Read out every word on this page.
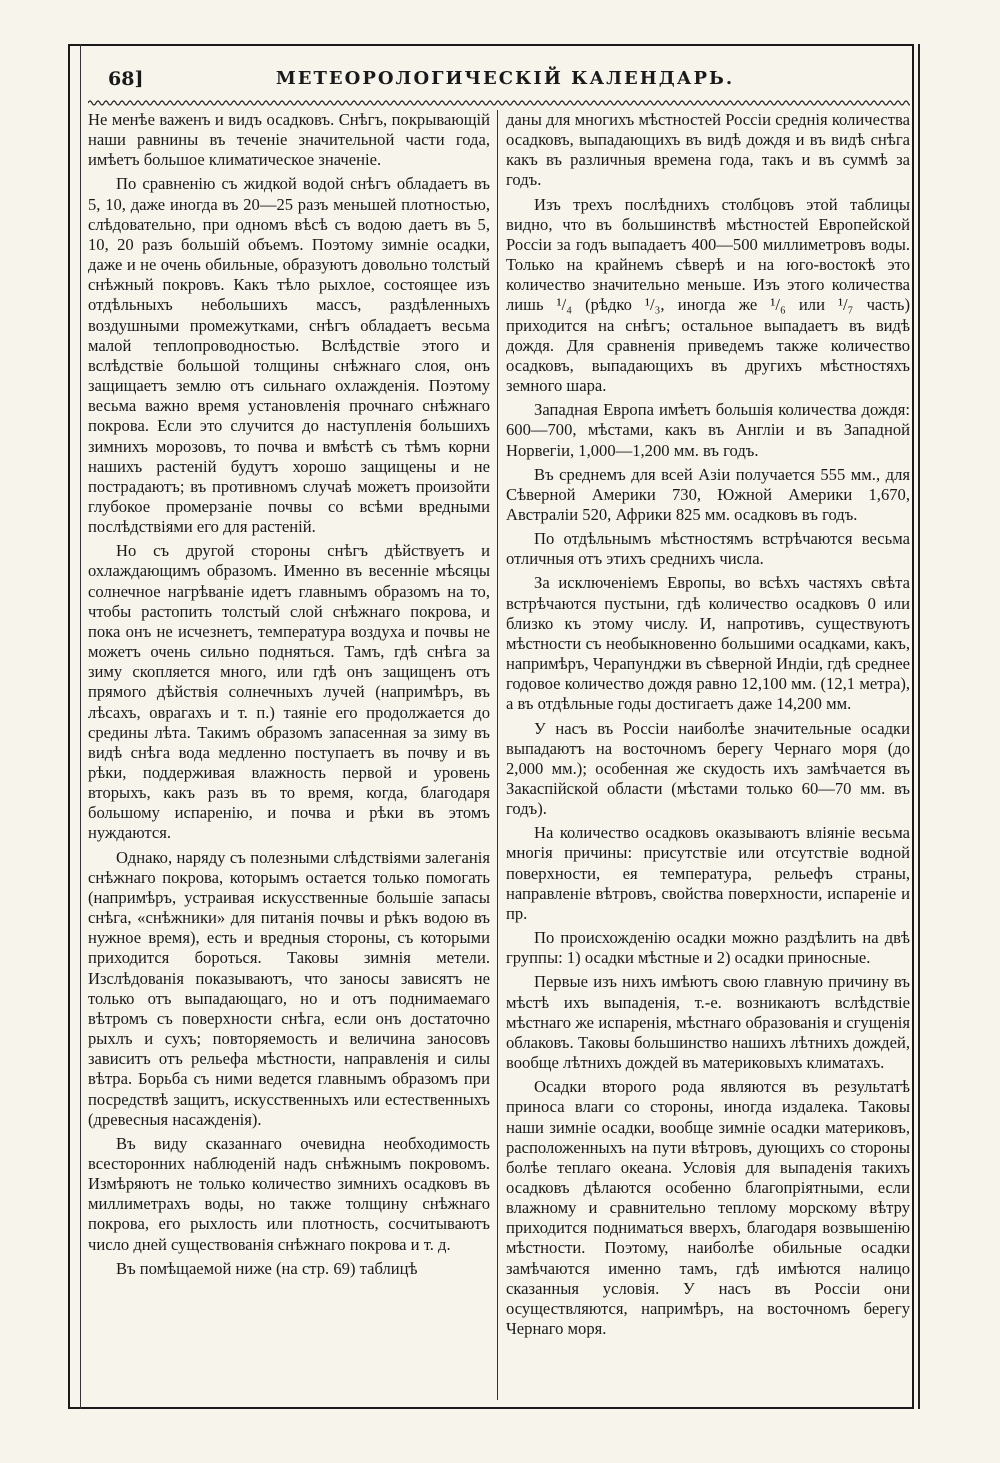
68]	МЕТЕОРОЛОГИЧЕСКІЙ КАЛЕНДАРЬ.

Не менѣе важенъ и видъ осадковъ. Снѣгъ, покрывающій наши равнины въ теченіе значительной части года, имѣетъ большое климатическое значеніе.

По сравненію съ жидкой водой снѣгъ обладаетъ въ 5, 10, даже иногда въ 20—25 разъ меньшей плотностью, слѣдовательно, при одномъ вѣсѣ съ водою даетъ въ 5, 10, 20 разъ большій объемъ. Поэтому зимніе осадки, даже и не очень обильные, образуютъ довольно толстый снѣжный покровъ. Какъ тѣло рыхлое, состоящее изъ отдѣльныхъ небольшихъ массъ, раздѣленныхъ воздушными промежутками, снѣгъ обладаетъ весьма малой теплопроводностью. Вслѣдствіе этого и вслѣдствіе большой толщины снѣжнаго слоя, онъ защищаетъ землю отъ сильнаго охлажденія. Поэтому весьма важно время установленія прочнаго снѣжнаго покрова. Если это случится до наступленія большихъ зимнихъ морозовъ, то почва и вмѣстѣ съ тѣмъ корни нашихъ растеній будутъ хорошо защищены и не пострадаютъ; въ противномъ случаѣ можетъ произойти глубокое промерзаніе почвы со всѣми вредными послѣдствіями его для растеній.

Но съ другой стороны снѣгъ дѣйствуетъ и охлаждающимъ образомъ. Именно въ весенніе мѣсяцы солнечное нагрѣваніе идетъ главнымъ образомъ на то, чтобы растопить толстый слой снѣжнаго покрова, и пока онъ не исчезнетъ, температура воздуха и почвы не можетъ очень сильно подняться. Тамъ, гдѣ снѣга за зиму скопляется много, или гдѣ онъ защищенъ отъ прямого дѣйствія солнечныхъ лучей (напримѣръ, въ лѣсахъ, оврагахъ и т. п.) таяніе его продолжается до средины лѣта. Такимъ образомъ запасенная за зиму въ видѣ снѣга вода медленно поступаетъ въ почву и въ рѣки, поддерживая влажность первой и уровень вторыхъ, какъ разъ въ то время, когда, благодаря большому испаренію, и почва и рѣки въ этомъ нуждаются.

Однако, наряду съ полезными слѣдствіями залеганія снѣжнаго покрова, которымъ остается только помогать (напримѣръ, устраивая искусственные большіе запасы снѣга, «снѣжники» для питанія почвы и рѣкъ водою въ нужное время), есть и вредныя стороны, съ которыми приходится бороться. Таковы зимнія метели. Изслѣдованія показываютъ, что заносы зависятъ не только отъ выпадающаго, но и отъ поднимаемаго вѣтромъ съ поверхности снѣга, если онъ достаточно рыхлъ и сухъ; повторяемость и величина заносовъ зависитъ отъ рельефа мѣстности, направленія и силы вѣтра. Борьба съ ними ведется главнымъ образомъ при посредствѣ защитъ, искусственныхъ или естественныхъ (древесныя насажденія).

Въ виду сказаннаго очевидна необходимость всесторонних наблюденій надъ снѣжнымъ покровомъ. Измѣряютъ не только количество зимнихъ осадковъ въ миллиметрахъ воды, но также толщину снѣжнаго покрова, его рыхлость или плотность, сосчитываютъ число дней существованія снѣжнаго покрова и т. д.

Въ помѣщаемой ниже (на стр. 69) таблицѣ

даны для многихъ мѣстностей Россіи среднія количества осадковъ, выпадающихъ въ видѣ дождя и въ видѣ снѣга какъ въ различныя времена года, такъ и въ суммѣ за годъ.

Изъ трехъ послѣднихъ столбцовъ этой таблицы видно, что въ большинствѣ мѣстностей Европейской Россіи за годъ выпадаетъ 400—500 миллиметровъ воды. Только на крайнемъ сѣверѣ и на юго-востокѣ это количество значительно меньше. Изъ этого количества лишь ¹/₄ (рѣдко ¹/₃, иногда же ¹/₆ или ¹/₇ часть) приходится на снѣгъ; остальное выпадаетъ въ видѣ дождя. Для сравненія приведемъ также количество осадковъ, выпадающихъ въ другихъ мѣстностяхъ земного шара.

Западная Европа имѣетъ большія количества дождя: 600—700, мѣстами, какъ въ Англіи и въ Западной Норвегіи, 1,000—1,200 мм. въ годъ.

Въ среднемъ для всей Азіи получается 555 мм., для Сѣверной Америки 730, Южной Америки 1,670, Австраліи 520, Африки 825 мм. осадковъ въ годъ.

По отдѣльнымъ мѣстностямъ встрѣчаются весьма отличныя отъ этихъ среднихъ числа.

За исключеніемъ Европы, во всѣхъ частяхъ свѣта встрѣчаются пустыни, гдѣ количество осадковъ 0 или близко къ этому числу. И, напротивъ, существуютъ мѣстности съ необыкновенно большими осадками, какъ, напримѣръ, Черапунджи въ сѣверной Индіи, гдѣ среднее годовое количество дождя равно 12,100 мм. (12,1 метра), а въ отдѣльные годы достигаетъ даже 14,200 мм.

У насъ въ Россіи наиболѣе значительные осадки выпадаютъ на восточномъ берегу Чернаго моря (до 2,000 мм.); особенная же скудость ихъ замѣчается въ Закаспійской области (мѣстами только 60—70 мм. въ годъ).

На количество осадковъ оказываютъ вліяніе весьма многія причины: присутствіе или отсутствіе водной поверхности, ея температура, рельефъ страны, направленіе вѣтровъ, свойства поверхности, испареніе и пр.

По происхожденію осадки можно раздѣлить на двѣ группы: 1) осадки мѣстные и 2) осадки приносные.

Первые изъ нихъ имѣютъ свою главную причину въ мѣстѣ ихъ выпаденія, т.-е. возникаютъ вслѣдствіе мѣстнаго же испаренія, мѣстнаго образованія и сгущенія облаковъ. Таковы большинство нашихъ лѣтнихъ дождей, вообще лѣтнихъ дождей въ материковыхъ климатахъ.

Осадки второго рода являются въ результатѣ приноса влаги со стороны, иногда издалека. Таковы наши зимніе осадки, вообще зимніе осадки материковъ, расположенныхъ на пути вѣтровъ, дующихъ со стороны болѣе теплаго океана. Условія для выпаденія такихъ осадковъ дѣлаются особенно благопріятными, если влажному и сравнительно теплому морскому вѣтру приходится подниматься вверхъ, благодаря возвышенію мѣстности. Поэтому, наиболѣе обильные осадки замѣчаются именно тамъ, гдѣ имѣются налицо сказанныя условія. У насъ въ Россіи они осуществляются, напримѣръ, на восточномъ берегу Чернаго моря.
